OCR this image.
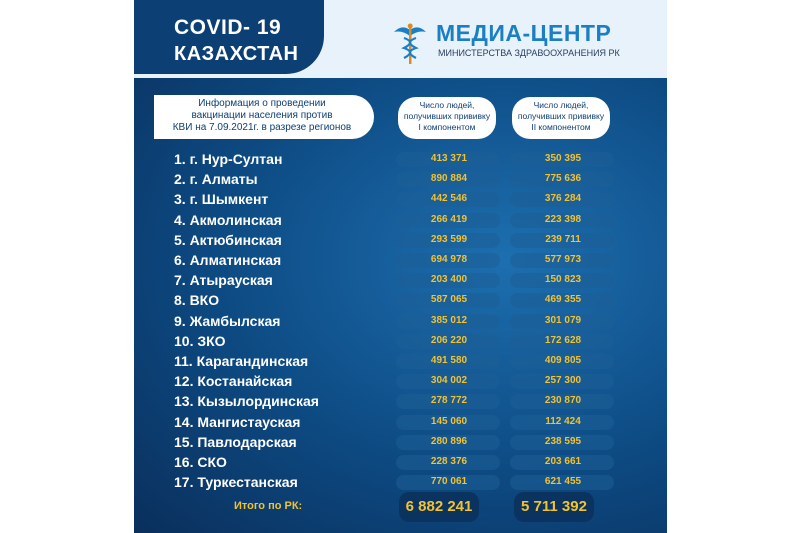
COVID- 19
КАЗАХСТАН
МЕДИА-ЦЕНТР
МИНИСТЕРСТВА ЗДРАВООХРАНЕНИЯ РК
Информация о проведении
вакцинации населения против
КВИ на 7.09.2021г. в разрезе регионов
Число людей,
получивших прививку
I компонентом
Число людей,
получивших прививку
II компонентом
1. г. Нур-Султан	413 371	350 395
2. г. Алматы	890 884	775 636
3. г. Шымкент	442 546	376 284
4. Акмолинская	266 419	223 398
5. Актюбинская	293 599	239 711
6. Алматинская	694 978	577 973
7. Атырауская	203 400	150 823
8. ВКО	587 065	469 355
9. Жамбылская	385 012	301 079
10. ЗКО	206 220	172 628
11. Карагандинская	491 580	409 805
12. Костанайская	304 002	257 300
13. Кызылординская	278 772	230 870
14. Мангистауская	145 060	112 424
15. Павлодарская	280 896	238 595
16. СКО	228 376	203 661
17. Туркестанская	770 061	621 455
Итого по РК:	6 882 241	5 711 392
